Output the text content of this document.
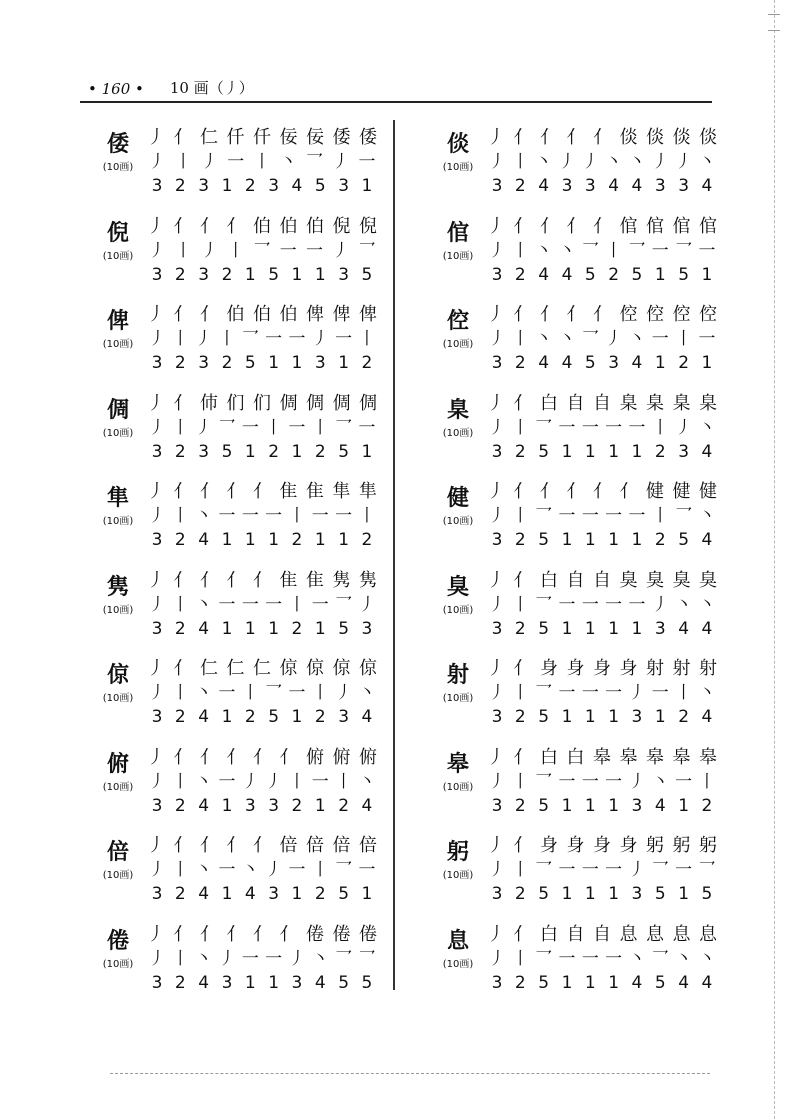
• 160 • 10 画（丿）
丿 亻 仁 仟 仟 佞 佞 倭 倭
倭
(10画) 丿 丨 丿 一 丨 丶 乛 丿 一
3 2 3 1 2 3 4 5 3 1
丿 亻 亻 亻 伯 伯 伯 倪 倪
倪
(10画) 丿 丨 丿 丨 乛 一 一 丿 乛
3 2 3 2 1 5 1 1 3 5
丿 亻 亻 伯 伯 伯 俾 俾 俾
俾
(10画) 丿 丨 丿 丨 乛 一 一 丿 一 丨
3 2 3 2 5 1 1 3 1 2
丿 亻 伂 们 们 倜 倜 倜 倜
倜
(10画) 丿 丨 丿 乛 一 丨 一 丨 乛 一
3 2 3 5 1 2 1 2 5 1
丿 亻 亻 亻 亻 隹 隹 隼 隼
隼
(10画) 丿 丨 丶 一 一 一 丨 一 一 丨
3 2 4 1 1 1 2 1 1 2
丿 亻 亻 亻 亻 隹 隹 隽 隽
隽
(10画) 丿 丨 丶 一 一 一 丨 一 乛 丿
3 2 4 1 1 1 2 1 5 3
丿 亻 仁 仁 仁 倞 倞 倞 倞
倞
(10画) 丿 丨 丶 一 丨 乛 一 丨 丿 丶
3 2 4 1 2 5 1 2 3 4
丿 亻 亻 亻 亻 亻 俯 俯 俯
俯
(10画) 丿 丨 丶 一 丿 丿 丨 一 丨 丶
3 2 4 1 3 3 2 1 2 4
丿 亻 亻 亻 亻 倍 倍 倍 倍
倍
(10画) 丿 丨 丶 一 丶 丿 一 丨 乛 一
3 2 4 1 4 3 1 2 5 1
丿 亻 亻 亻 亻 亻 倦 倦 倦
倦
(10画) 丿 丨 丶 丿 一 一 丿 丶 乛 乛
3 2 4 3 1 1 3 4 5 5
丿 亻 亻 亻 亻 倓 倓 倓 倓
倓
(10画) 丿 丨 丶 丿 丿 丶 丶 丿 丿 丶
3 2 4 3 3 4 4 3 3 4
丿 亻 亻 亻 亻 倌 倌 倌 倌
倌
(10画) 丿 丨 丶 丶 乛 丨 乛 一 乛 一
3 2 4 4 5 2 5 1 5 1
丿 亻 亻 亻 亻 倥 倥 倥 倥
倥
(10画) 丿 丨 丶 丶 乛 丿 丶 一 丨 一
3 2 4 4 5 3 4 1 2 1
丿 亻 白 自 自 臬 臬 臬 臬
臬
(10画) 丿 丨 乛 一 一 一 一 丨 丿 丶
3 2 5 1 1 1 1 2 3 4
丿 亻 亻 亻 亻 亻 健 健 健
健
(10画) 丿 丨 乛 一 一 一 一 丨 乛 丶
3 2 5 1 1 1 1 2 5 4
丿 亻 白 自 自 臭 臭 臭 臭
臭
(10画) 丿 丨 乛 一 一 一 一 丿 丶 丶
3 2 5 1 1 1 1 3 4 4
丿 亻 身 身 身 身 射 射 射
射
(10画) 丿 丨 乛 一 一 一 丿 一 丨 丶
3 2 5 1 1 1 3 1 2 4
丿 亻 白 白 皋 皋 皋 皋 皋
皋
(10画) 丿 丨 乛 一 一 一 丿 丶 一 丨
3 2 5 1 1 1 3 4 1 2
丿 亻 身 身 身 身 躬 躬 躬
躬
(10画) 丿 丨 乛 一 一 一 丿 乛 一 乛
3 2 5 1 1 1 3 5 1 5
丿 亻 白 自 自 息 息 息 息
息
(10画) 丿 丨 乛 一 一 一 丶 乛 丶 丶
3 2 5 1 1 1 4 5 4 4
